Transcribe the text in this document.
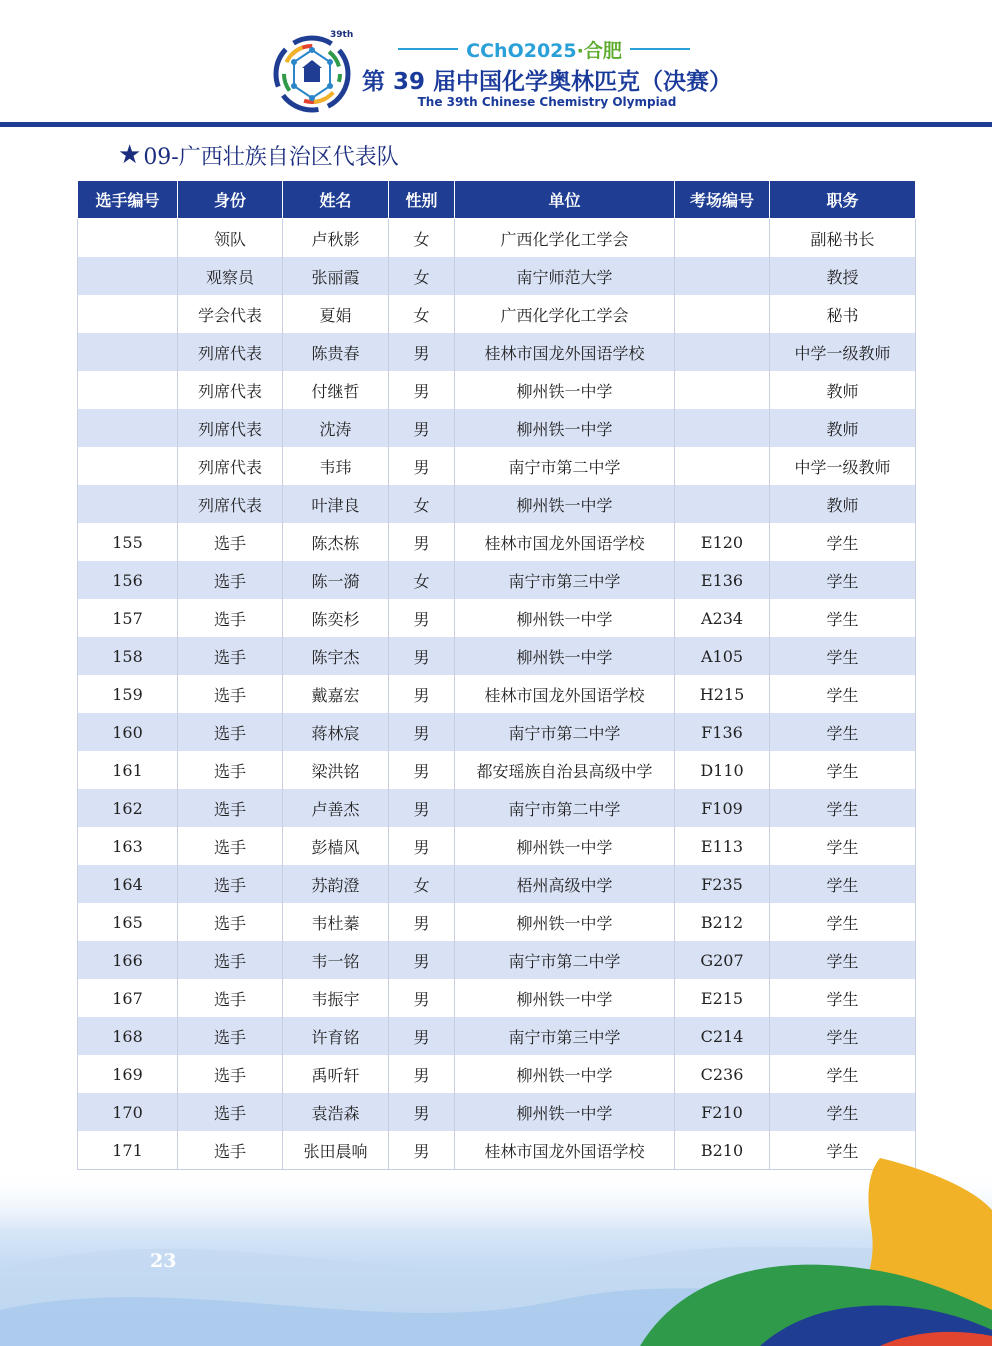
39th
CChO2025·合肥
第 39 届中国化学奥林匹克（决赛）
The 39th Chinese Chemistry Olympiad
★ 09-广西壮族自治区代表队
选手编号	身份	姓名	性别	单位	考场编号	职务
	领队	卢秋影	女	广西化学化工学会		副秘书长
	观察员	张丽霞	女	南宁师范大学		教授
	学会代表	夏娟	女	广西化学化工学会		秘书
	列席代表	陈贵春	男	桂林市国龙外国语学校		中学一级教师
	列席代表	付继哲	男	柳州铁一中学		教师
	列席代表	沈涛	男	柳州铁一中学		教师
	列席代表	韦玮	男	南宁市第二中学		中学一级教师
	列席代表	叶津良	女	柳州铁一中学		教师
155	选手	陈杰栋	男	桂林市国龙外国语学校	E120	学生
156	选手	陈一漪	女	南宁市第三中学	E136	学生
157	选手	陈奕杉	男	柳州铁一中学	A234	学生
158	选手	陈宇杰	男	柳州铁一中学	A105	学生
159	选手	戴嘉宏	男	桂林市国龙外国语学校	H215	学生
160	选手	蒋林宸	男	南宁市第二中学	F136	学生
161	选手	梁洪铭	男	都安瑶族自治县高级中学	D110	学生
162	选手	卢善杰	男	南宁市第二中学	F109	学生
163	选手	彭樯风	男	柳州铁一中学	E113	学生
164	选手	苏韵澄	女	梧州高级中学	F235	学生
165	选手	韦杜蓁	男	柳州铁一中学	B212	学生
166	选手	韦一铭	男	南宁市第二中学	G207	学生
167	选手	韦振宇	男	柳州铁一中学	E215	学生
168	选手	许育铭	男	南宁市第三中学	C214	学生
169	选手	禹听轩	男	柳州铁一中学	C236	学生
170	选手	袁浩森	男	柳州铁一中学	F210	学生
171	选手	张田晨响	男	桂林市国龙外国语学校	B210	学生
23
